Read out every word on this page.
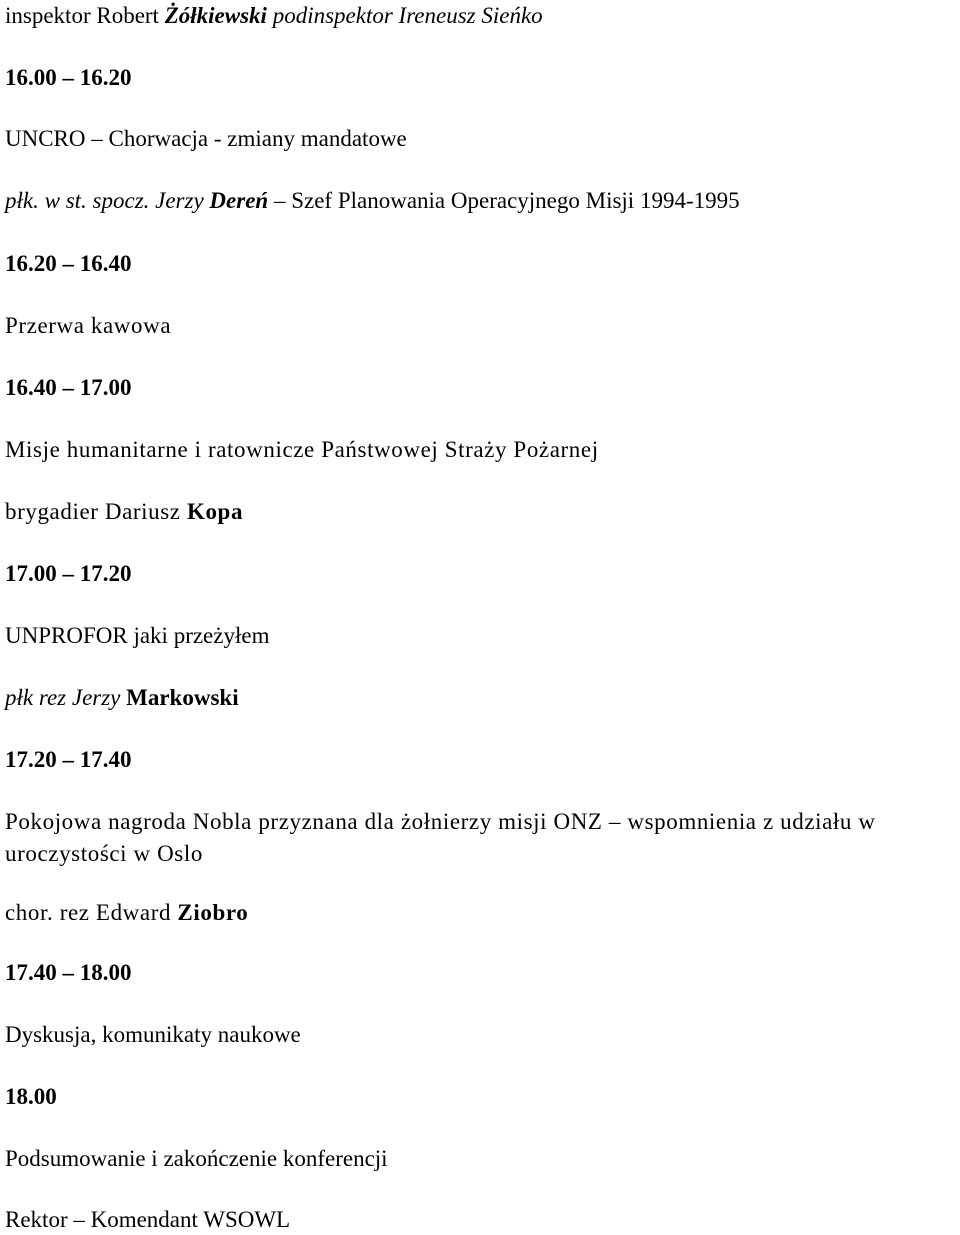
inspektor Robert Żółkiewski podinspektor Ireneusz Sieńko
16.00 – 16.20
UNCRO – Chorwacja - zmiany mandatowe
płk. w st. spocz. Jerzy Dereń – Szef Planowania Operacyjnego Misji 1994-1995
16.20 – 16.40
Przerwa kawowa
16.40 – 17.00
Misje humanitarne i ratownicze Państwowej Straży Pożarnej
brygadier Dariusz Kopa
17.00 – 17.20
UNPROFOR jaki przeżyłem
płk rez Jerzy Markowski
17.20 – 17.40
Pokojowa nagroda Nobla przyznana dla żołnierzy misji ONZ – wspomnienia z udziału w uroczystości w Oslo
chor. rez Edward Ziobro
17.40 – 18.00
Dyskusja, komunikaty naukowe
18.00
Podsumowanie i zakończenie konferencji
Rektor – Komendant WSOWL
